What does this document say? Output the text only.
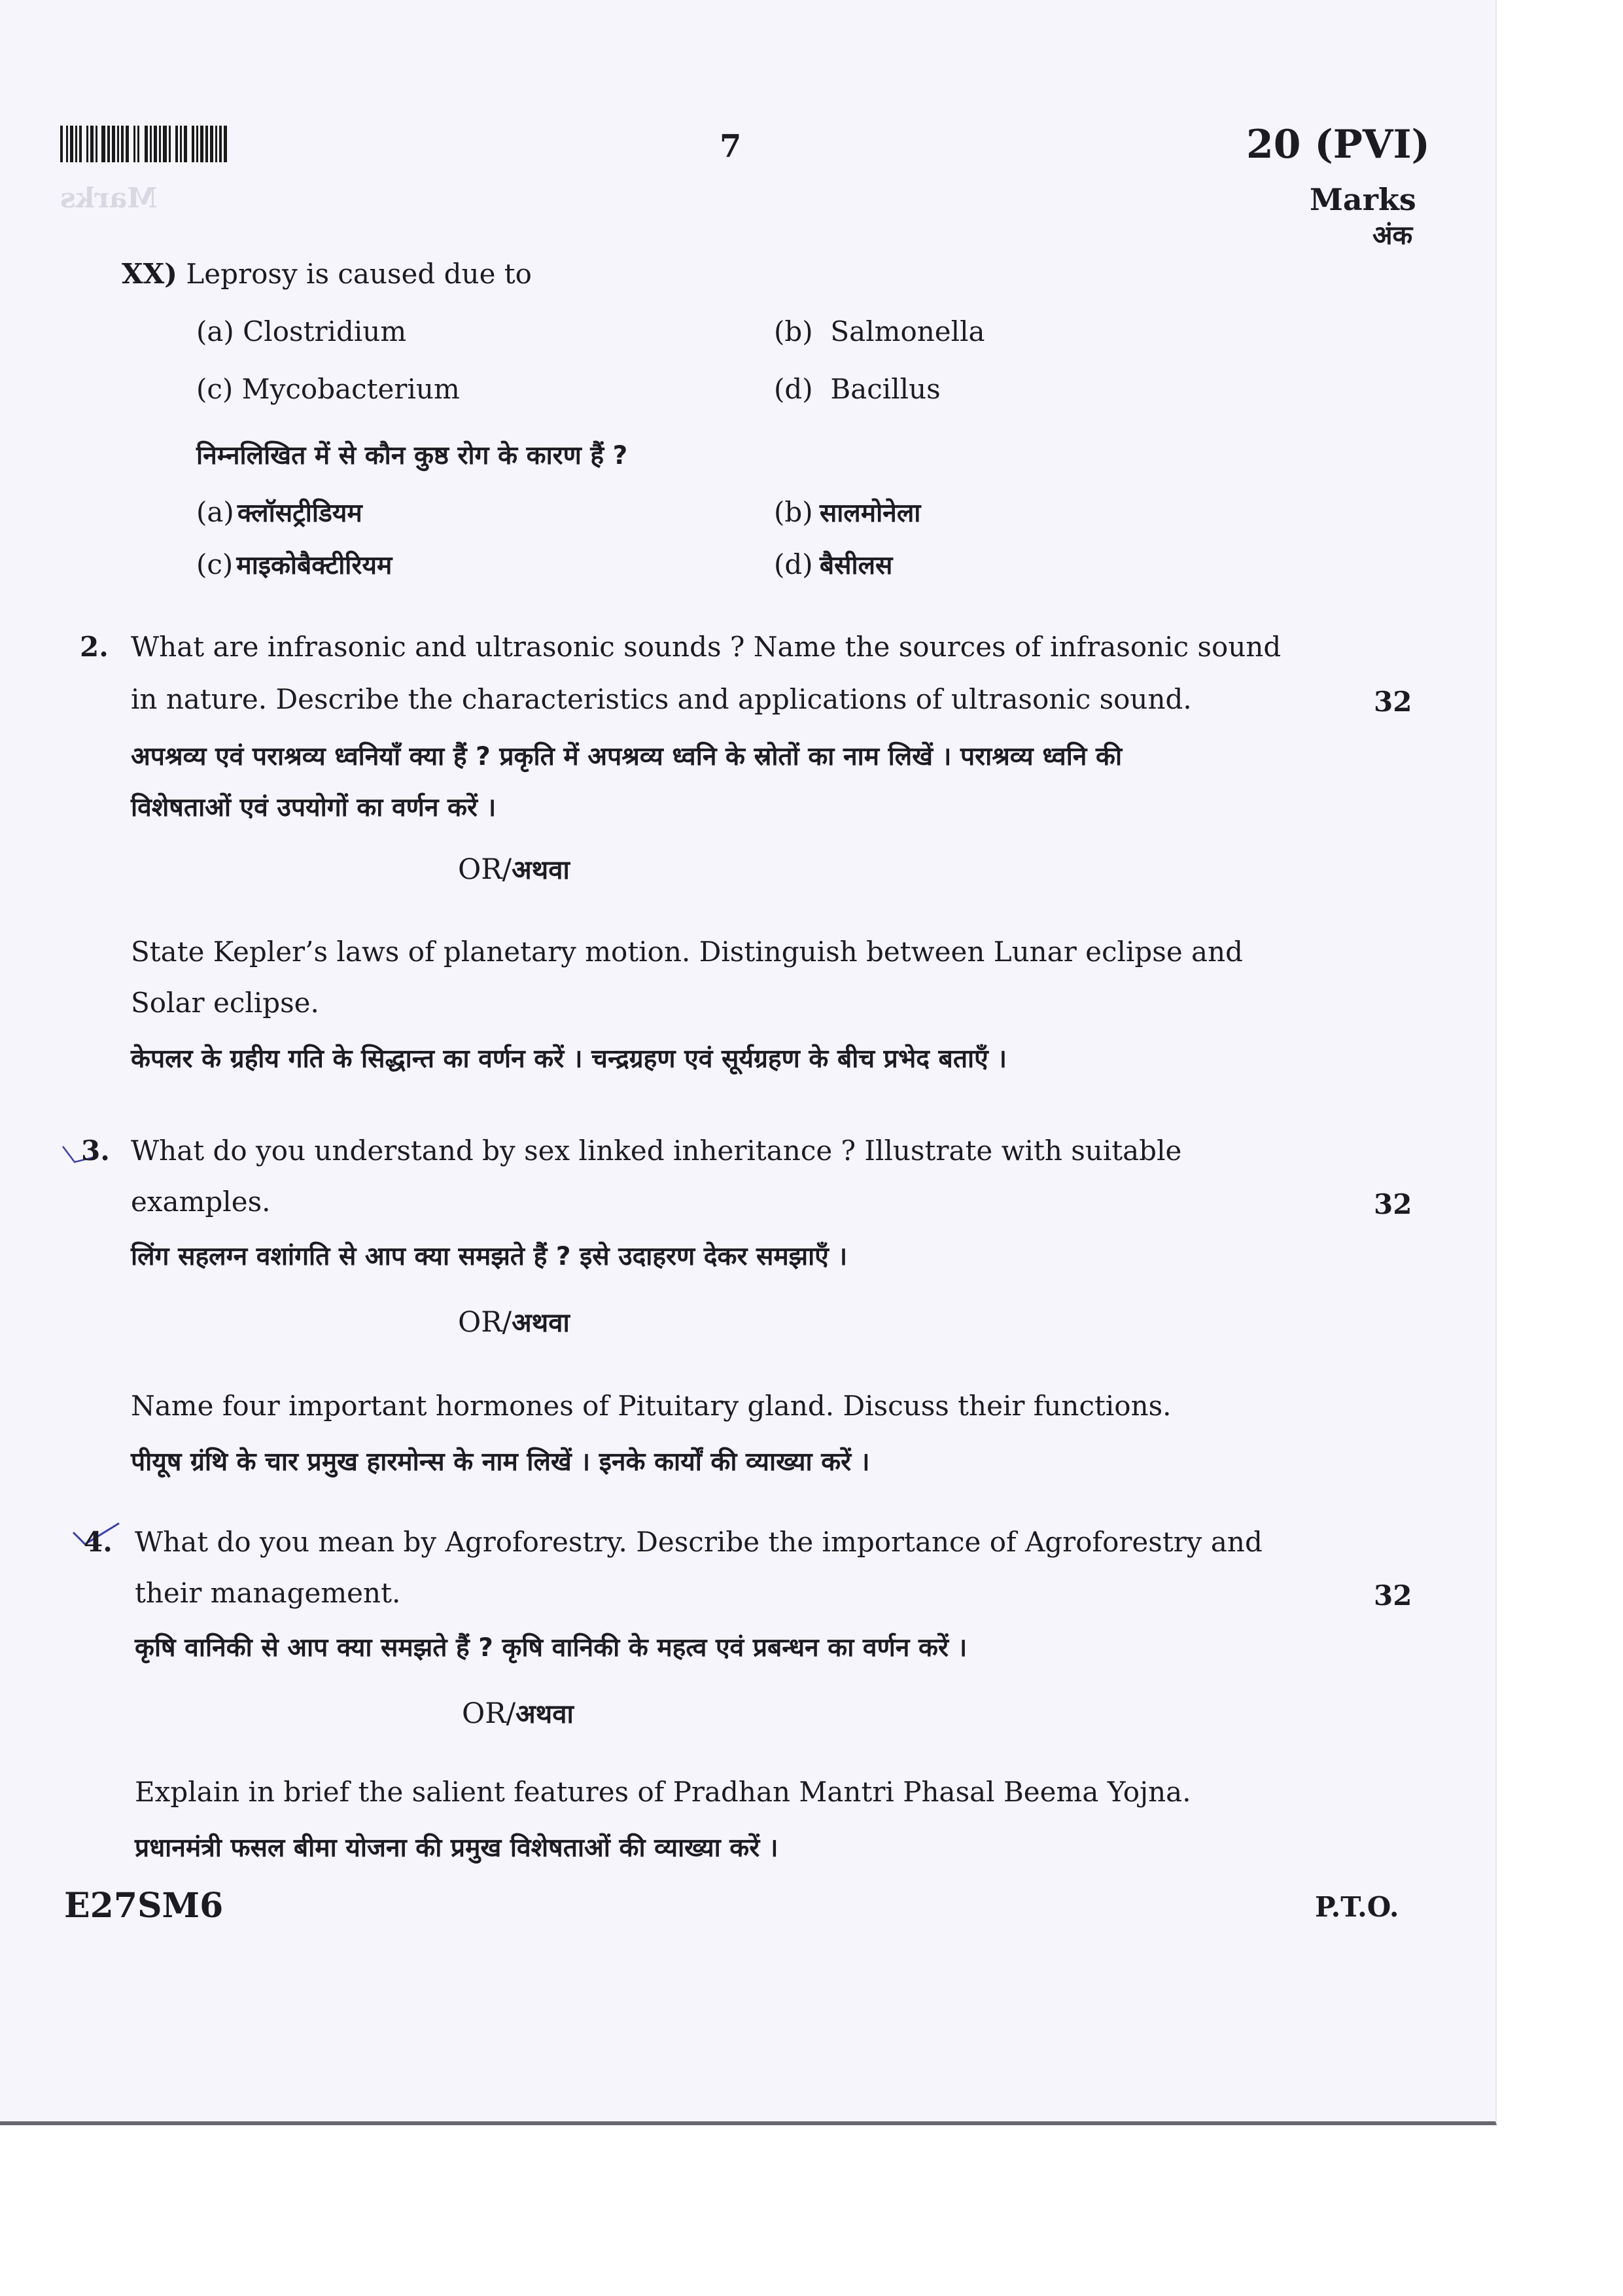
Marks
7	20 (PVI)
Marks
अंक
XX) Leprosy is caused due to
(a) Clostridium	(b) Salmonella
(c) Mycobacterium	(d) Bacillus
निम्नलिखित में से कौन कुष्ठ रोग के कारण हैं ?
(a) क्लॉसट्रीडियम	(b) सालमोनेला
(c) माइकोबैक्टीरियम	(d) बैसीलस
2. What are infrasonic and ultrasonic sounds ? Name the sources of infrasonic sound
in nature. Describe the characteristics and applications of ultrasonic sound.	32
अपश्रव्य एवं पराश्रव्य ध्वनियाँ क्या हैं ? प्रकृति में अपश्रव्य ध्वनि के स्रोतों का नाम लिखें । पराश्रव्य ध्वनि की
विशेषताओं एवं उपयोगों का वर्णन करें ।
OR/अथवा
State Kepler’s laws of planetary motion. Distinguish between Lunar eclipse and
Solar eclipse.
केपलर के ग्रहीय गति के सिद्धान्त का वर्णन करें । चन्द्रग्रहण एवं सूर्यग्रहण के बीच प्रभेद बताएँ ।
3. What do you understand by sex linked inheritance ? Illustrate with suitable
examples.	32
लिंग सहलग्न वशांगति से आप क्या समझते हैं ? इसे उदाहरण देकर समझाएँ ।
OR/अथवा
Name four important hormones of Pituitary gland. Discuss their functions.
पीयूष ग्रंथि के चार प्रमुख हारमोन्स के नाम लिखें । इनके कार्यों की व्याख्या करें ।
4. What do you mean by Agroforestry. Describe the importance of Agroforestry and
their management.	32
कृषि वानिकी से आप क्या समझते हैं ? कृषि वानिकी के महत्व एवं प्रबन्धन का वर्णन करें ।
OR/अथवा
Explain in brief the salient features of Pradhan Mantri Phasal Beema Yojna.
प्रधानमंत्री फसल बीमा योजना की प्रमुख विशेषताओं की व्याख्या करें ।
E27SM6	P.T.O.
